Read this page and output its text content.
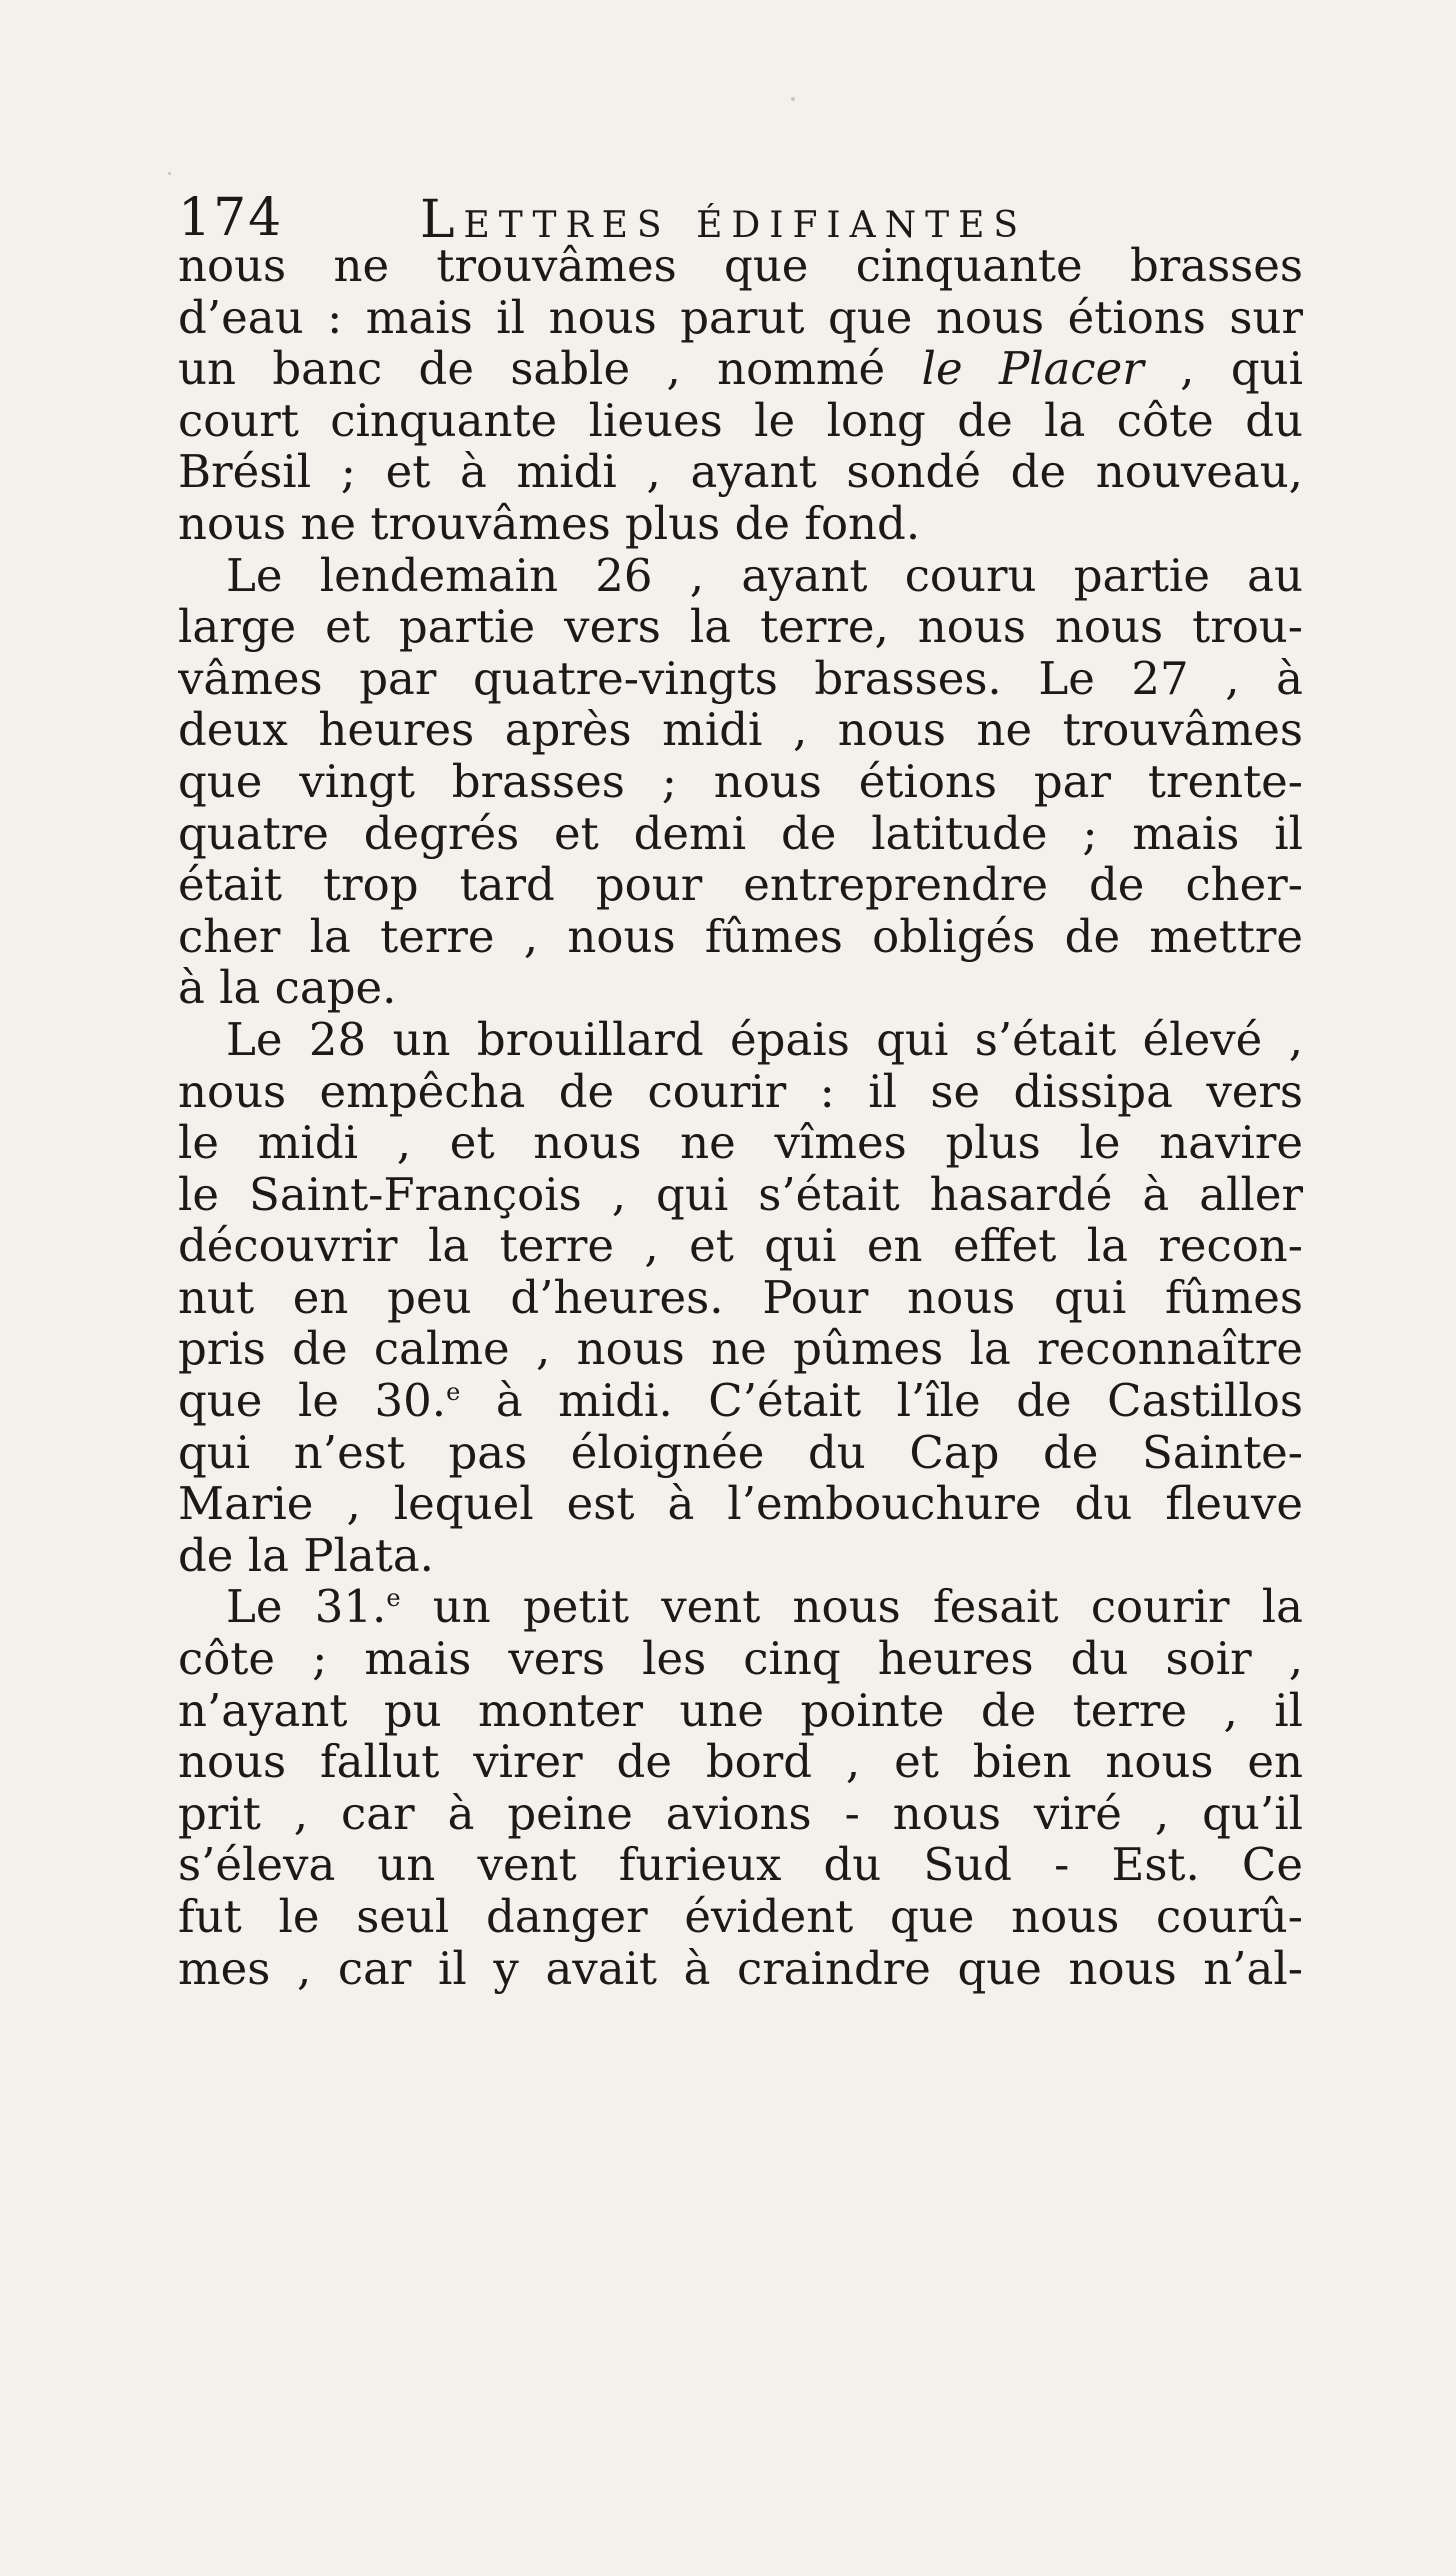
174	Lettres édifiantes
nous ne trouvâmes que cinquante brasses
d’eau : mais il nous parut que nous étions sur
un banc de sable , nommé le Placer , qui
court cinquante lieues le long de la côte du
Brésil ; et à midi , ayant sondé de nouveau,
nous ne trouvâmes plus de fond.
Le lendemain 26 , ayant couru partie au
large et partie vers la terre, nous nous trou-
vâmes par quatre-vingts brasses. Le 27 , à
deux heures après midi , nous ne trouvâmes
que vingt brasses ; nous étions par trente-
quatre degrés et demi de latitude ; mais il
était trop tard pour entreprendre de cher-
cher la terre , nous fûmes obligés de mettre
à la cape.
Le 28 un brouillard épais qui s’était élevé ,
nous empêcha de courir : il se dissipa vers
le midi , et nous ne vîmes plus le navire
le Saint-François , qui s’était hasardé à aller
découvrir la terre , et qui en effet la recon-
nut en peu d’heures. Pour nous qui fûmes
pris de calme , nous ne pûmes la reconnaître
que le 30.$^e$ à midi. C’était l’île de Castillos
qui n’est pas éloignée du Cap de Sainte-
Marie , lequel est à l’embouchure du fleuve
de la Plata.
Le 31.$^e$ un petit vent nous fesait courir la
côte ; mais vers les cinq heures du soir ,
n’ayant pu monter une pointe de terre , il
nous fallut virer de bord , et bien nous en
prit , car à peine avions - nous viré , qu’il
s’éleva un vent furieux du Sud - Est. Ce
fut le seul danger évident que nous courû-
mes , car il y avait à craindre que nous n’al-
